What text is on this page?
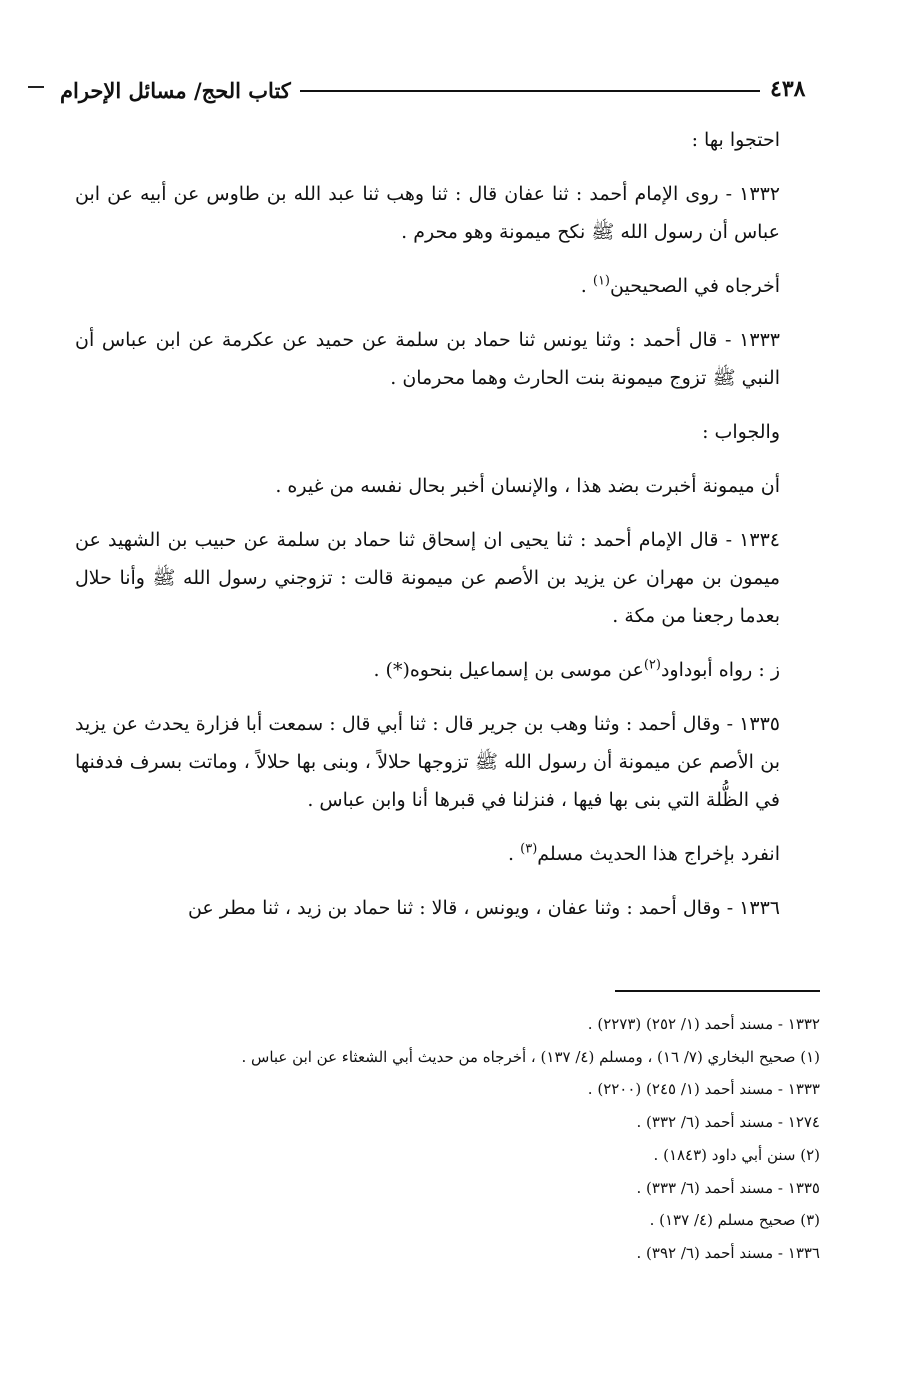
كتاب الحج/ مسائل الإحرام	٤٣٨

احتجوا بها :

١٣٣٢ - روى الإمام أحمد : ثنا عفان قال : ثنا وهب ثنا عبد الله بن طاوس عن أبيه عن ابن عباس أن رسول الله ﷺ نكح ميمونة وهو محرم .

أخرجاه في الصحيحين$^{(١)}$ .

١٣٣٣ - قال أحمد : وثنا يونس ثنا حماد بن سلمة عن حميد عن عكرمة عن ابن عباس أن النبي ﷺ تزوج ميمونة بنت الحارث وهما محرمان .

والجواب :

أن ميمونة أخبرت بضد هذا ، والإنسان أخبر بحال نفسه من غيره .

١٣٣٤ - قال الإمام أحمد : ثنا يحيى ان إسحاق ثنا حماد بن سلمة عن حبيب بن الشهيد عن ميمون بن مهران عن يزيد بن الأصم عن ميمونة قالت : تزوجني رسول الله ﷺ وأنا حلال بعدما رجعنا من مكة .

ز : رواه أبوداود$^{(٢)}$عن موسى بن إسماعيل بنحوه(*) .

١٣٣٥ - وقال أحمد : وثنا وهب بن جرير قال : ثنا أبي قال : سمعت أبا فزارة يحدث عن يزيد بن الأصم عن ميمونة أن رسول الله ﷺ تزوجها حلالاً ، وبنى بها حلالاً ، وماتت بسرف فدفنها في الظُّلة التي بنى بها فيها ، فنزلنا في قبرها أنا وابن عباس .

انفرد بإخراج هذا الحديث مسلم$^{(٣)}$ .

١٣٣٦ - وقال أحمد : وثنا عفان ، ويونس ، قالا : ثنا حماد بن زيد ، ثنا مطر عن

١٣٣٢ - مسند أحمد (١/ ٢٥٢) (٢٢٧٣) .
(١) صحيح البخاري (٧/ ١٦) ، ومسلم (٤/ ١٣٧) ، أخرجاه من حديث أبي الشعثاء عن ابن عباس .
١٣٣٣ - مسند أحمد (١/ ٢٤٥) (٢٢٠٠) .
١٢٧٤ - مسند أحمد (٦/ ٣٣٢) .
(٢) سنن أبي داود (١٨٤٣) .
١٣٣٥ - مسند أحمد (٦/ ٣٣٣) .
(٣) صحيح مسلم (٤/ ١٣٧) .
١٣٣٦ - مسند أحمد (٦/ ٣٩٢) .
